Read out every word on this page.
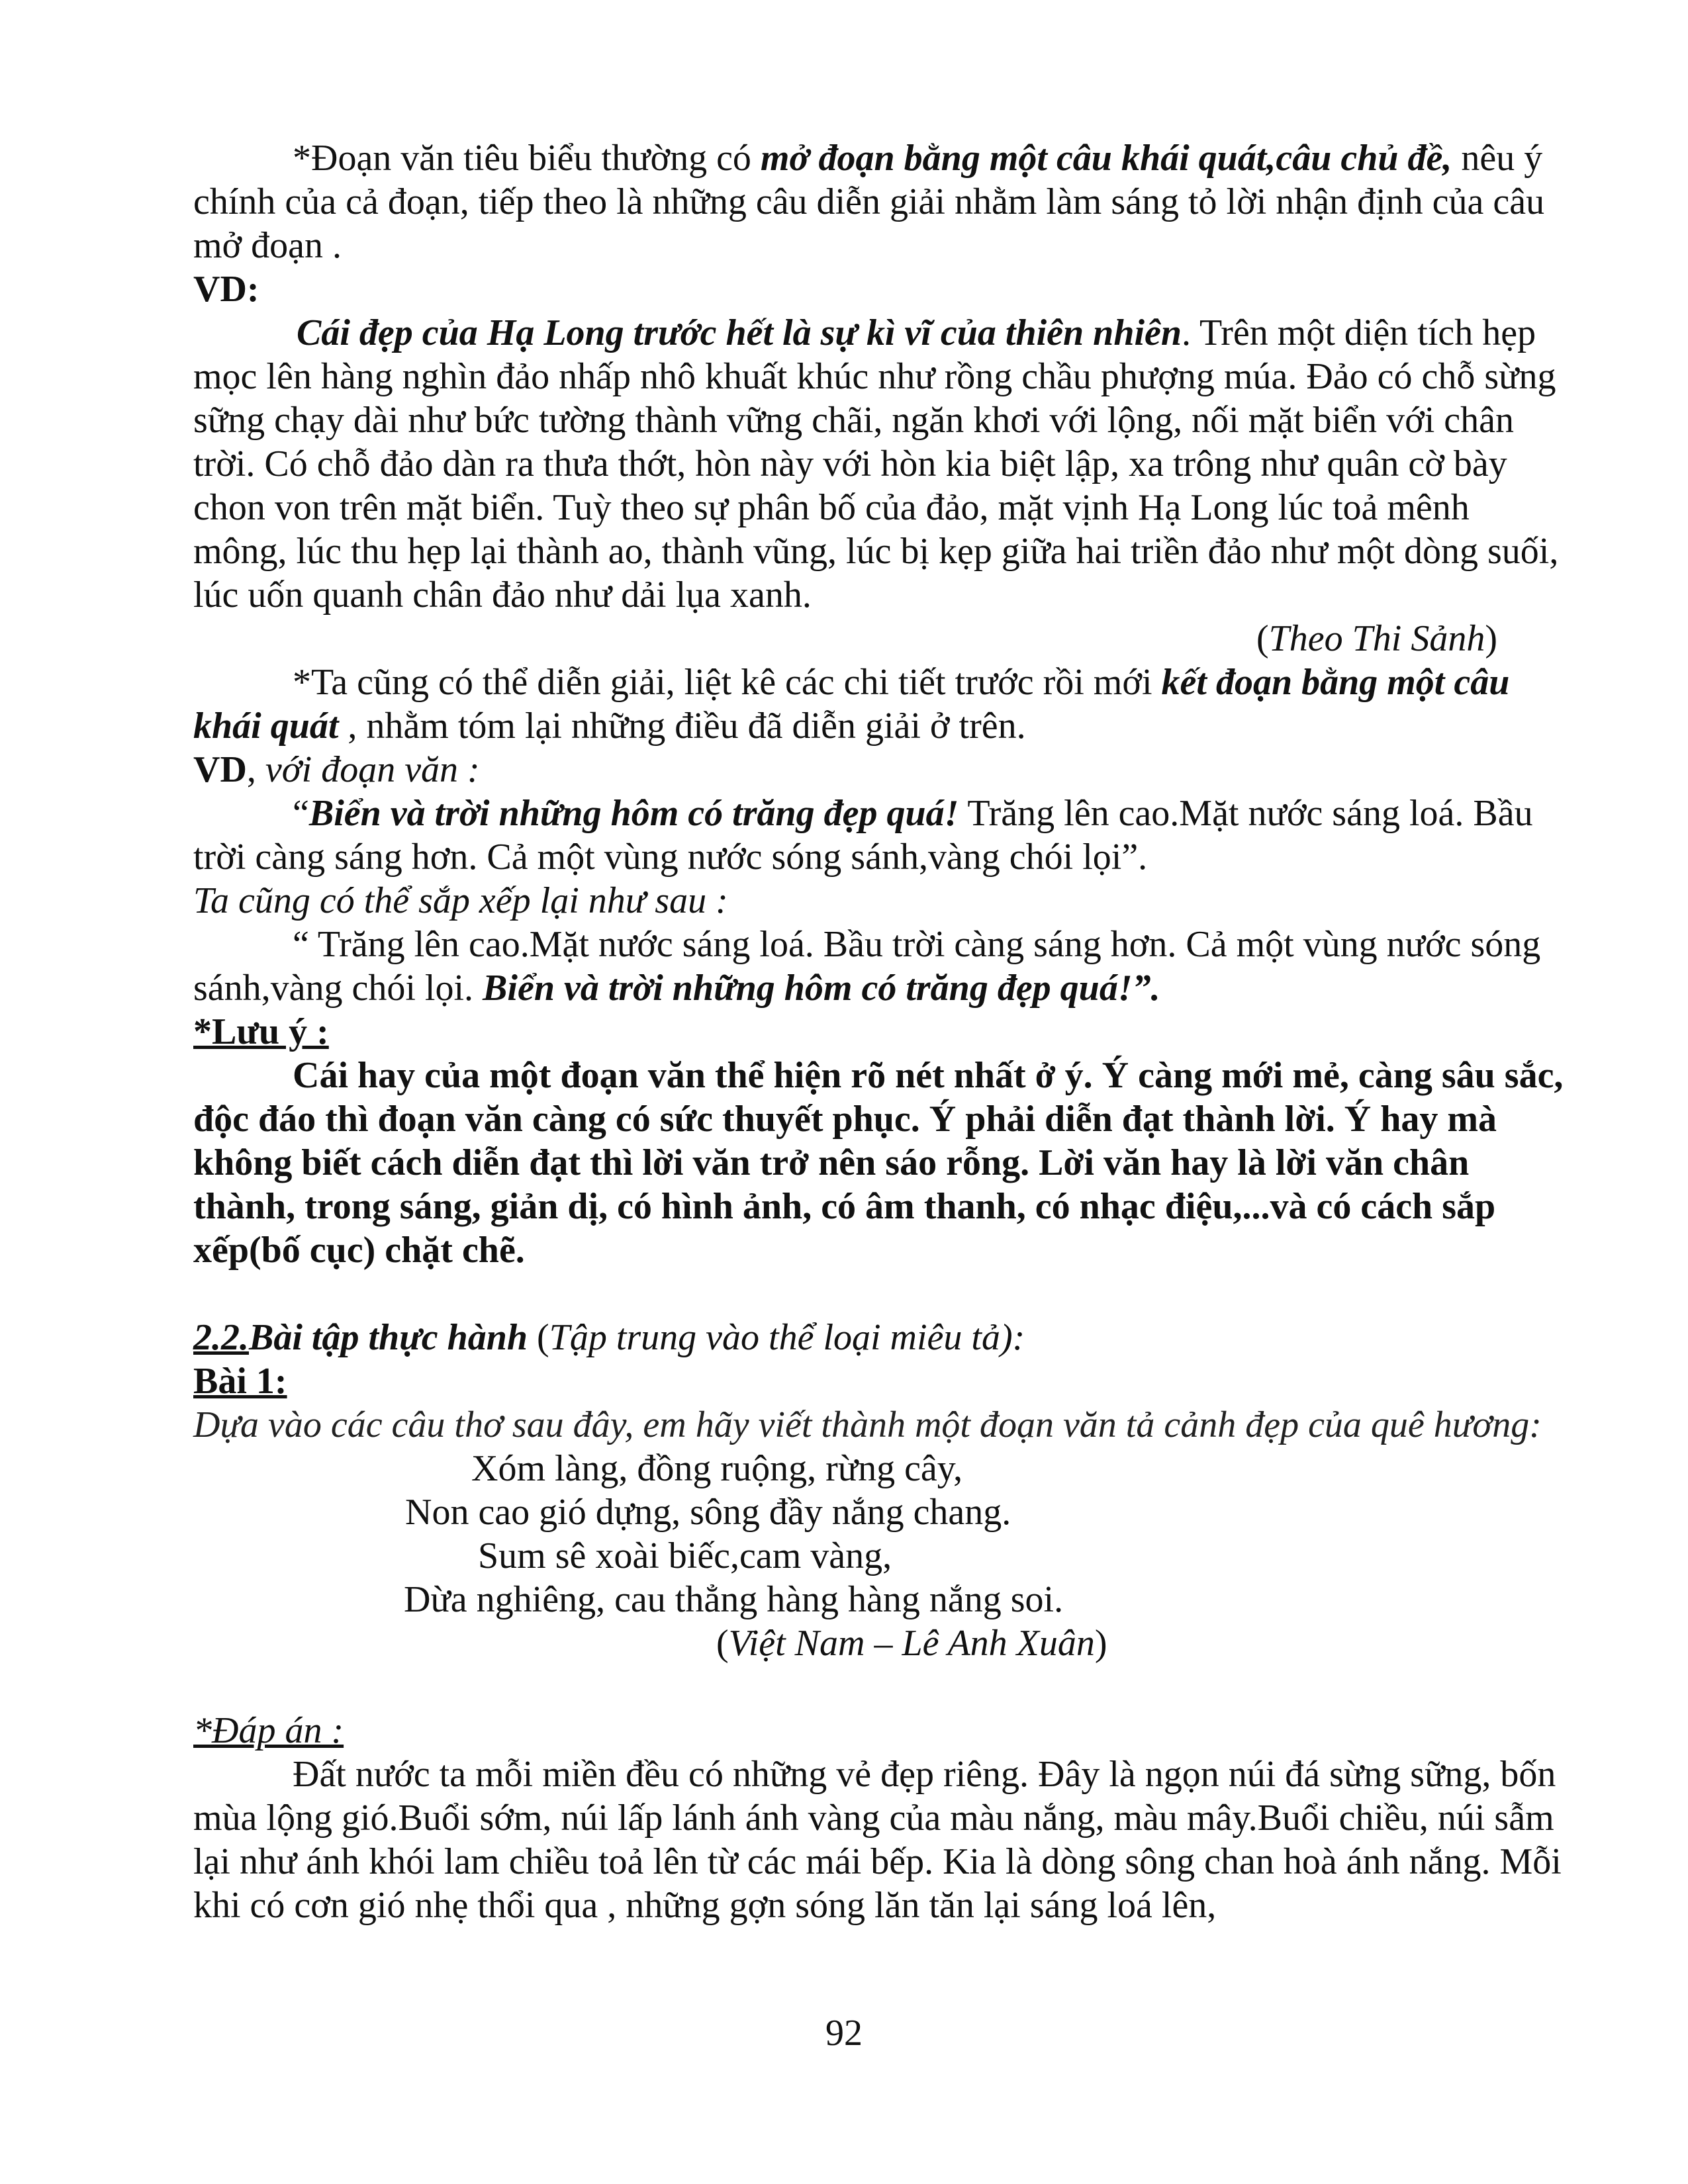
*Đoạn văn tiêu biểu thường có mở đoạn bằng một câu khái quát,câu chủ đề, nêu ý chính của cả đoạn, tiếp theo là những câu diễn giải nhằm làm sáng tỏ lời nhận định của câu mở đoạn .

VD:

Cái đẹp của Hạ Long trước hết là sự kì vĩ của thiên nhiên. Trên một diện tích hẹp mọc lên hàng nghìn đảo nhấp nhô khuất khúc như rồng chầu phượng múa. Đảo có chỗ sừng sững chạy dài như bức tường thành vững chãi, ngăn khơi với lộng, nối mặt biển với chân trời. Có chỗ đảo dàn ra thưa thớt, hòn này với hòn kia biệt lập, xa trông như quân cờ bày chon von trên mặt biển. Tuỳ theo sự phân bố của đảo, mặt vịnh Hạ Long lúc toả mênh mông, lúc thu hẹp lại thành ao, thành vũng, lúc bị kẹp giữa hai triền đảo như một dòng suối, lúc uốn quanh chân đảo như dải lụa xanh.

(Theo Thi Sảnh)

*Ta cũng có thể diễn giải, liệt kê các chi tiết trước rồi mới kết đoạn bằng một câu khái quát , nhằm tóm lại những điều đã diễn giải ở trên.

VD, với đoạn văn :

“Biển và trời những hôm có trăng đẹp quá! Trăng lên cao.Mặt nước sáng loá. Bầu trời càng sáng hơn. Cả một vùng nước sóng sánh,vàng chói lọi”.

Ta cũng có thể sắp xếp lại như sau :

“ Trăng lên cao.Mặt nước sáng loá. Bầu trời càng sáng hơn. Cả một vùng nước sóng sánh,vàng chói lọi. Biển và trời những hôm có trăng đẹp quá!”.

*Lưu ý :

Cái hay của một đoạn văn thể hiện rõ nét nhất ở ý. Ý càng mới mẻ, càng sâu sắc, độc đáo thì đoạn văn càng có sức thuyết phục. Ý phải diễn đạt thành lời. Ý hay mà không biết cách diễn đạt thì lời văn trở nên sáo rỗng. Lời văn hay là lời văn chân thành, trong sáng, giản dị, có hình ảnh, có âm thanh, có nhạc điệu,...và có cách sắp xếp(bố cục) chặt chẽ.

2.2.Bài tập thực hành (Tập trung vào thể loại miêu tả):

Bài 1:

Dựa vào các câu thơ sau đây, em hãy viết thành một đoạn văn tả cảnh đẹp của quê hương:

Xóm làng, đồng ruộng, rừng cây,
Non cao gió dựng, sông đầy nắng chang.
Sum sê xoài biếc,cam vàng,
Dừa nghiêng, cau thẳng hàng hàng nắng soi.
(Việt Nam – Lê Anh Xuân)

*Đáp án :

Đất nước ta mỗi miền đều có những vẻ đẹp riêng. Đây là ngọn núi đá sừng sững, bốn mùa lộng gió.Buổi sớm, núi lấp lánh ánh vàng của màu nắng, màu mây.Buổi chiều, núi sẫm lại như ánh khói lam chiều toả lên từ các mái bếp. Kia là dòng sông chan hoà ánh nắng. Mỗi khi có cơn gió nhẹ thổi qua , những gợn sóng lăn tăn lại sáng loá lên,

92
